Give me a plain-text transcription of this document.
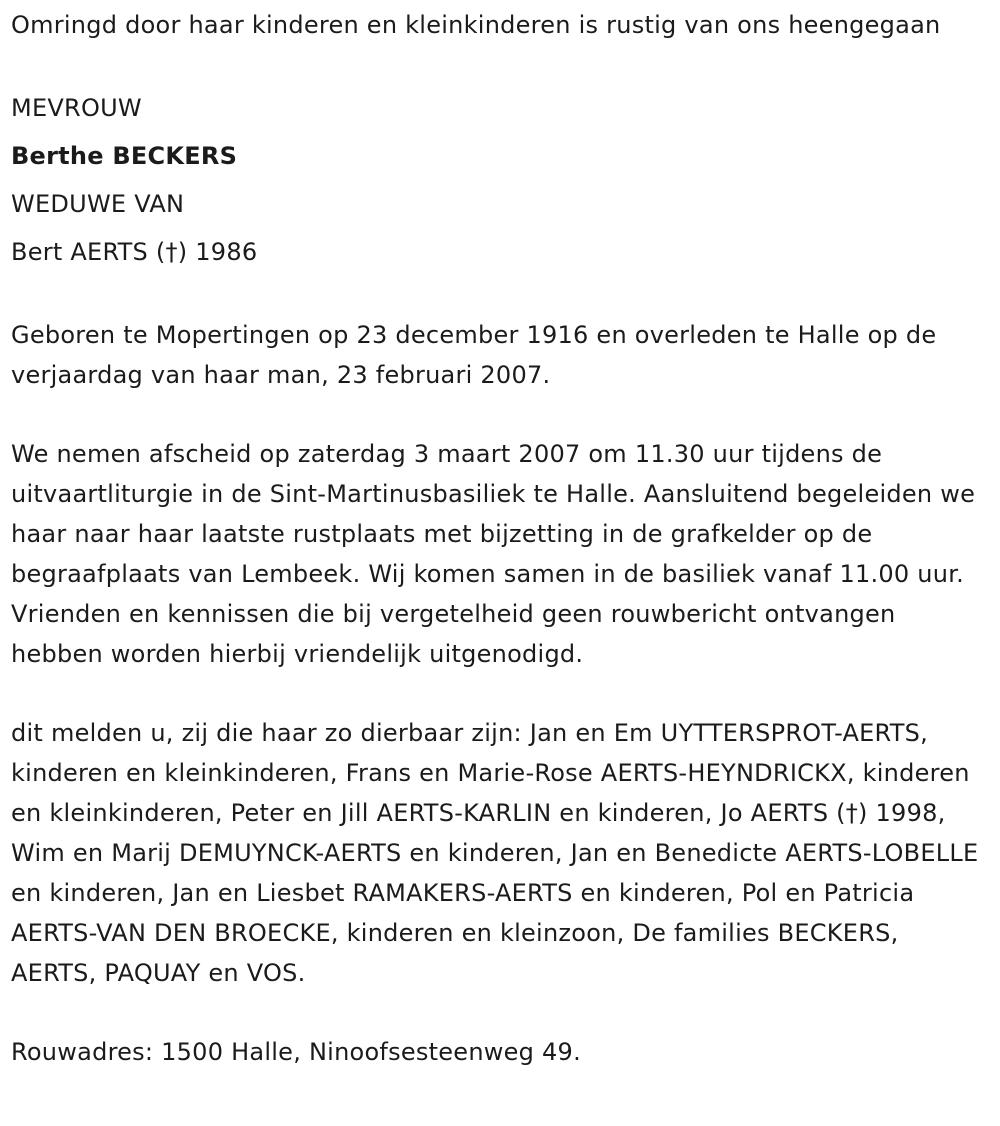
Omringd door haar kinderen en kleinkinderen is rustig van ons heengegaan

MEVROUW

Berthe BECKERS

WEDUWE VAN

Bert AERTS (†) 1986

Geboren te Mopertingen op 23 december 1916 en overleden te Halle op de verjaardag van haar man, 23 februari 2007.

We nemen afscheid op zaterdag 3 maart 2007 om 11.30 uur tijdens de uitvaartliturgie in de Sint-Martinusbasiliek te Halle. Aansluitend begeleiden we haar naar haar laatste rustplaats met bijzetting in de grafkelder op de begraafplaats van Lembeek. Wij komen samen in de basiliek vanaf 11.00 uur. Vrienden en kennissen die bij vergetelheid geen rouwbericht ontvangen hebben worden hierbij vriendelijk uitgenodigd.

dit melden u, zij die haar zo dierbaar zijn: Jan en Em UYTTERSPROT-AERTS, kinderen en kleinkinderen, Frans en Marie-Rose AERTS-HEYNDRICKX, kinderen en kleinkinderen, Peter en Jill AERTS-KARLIN en kinderen, Jo AERTS (†) 1998, Wim en Marij DEMUYNCK-AERTS en kinderen, Jan en Benedicte AERTS-LOBELLE en kinderen, Jan en Liesbet RAMAKERS-AERTS en kinderen, Pol en Patricia AERTS-VAN DEN BROECKE, kinderen en kleinzoon, De families BECKERS, AERTS, PAQUAY en VOS.

Rouwadres: 1500 Halle, Ninoofsesteenweg 49.
